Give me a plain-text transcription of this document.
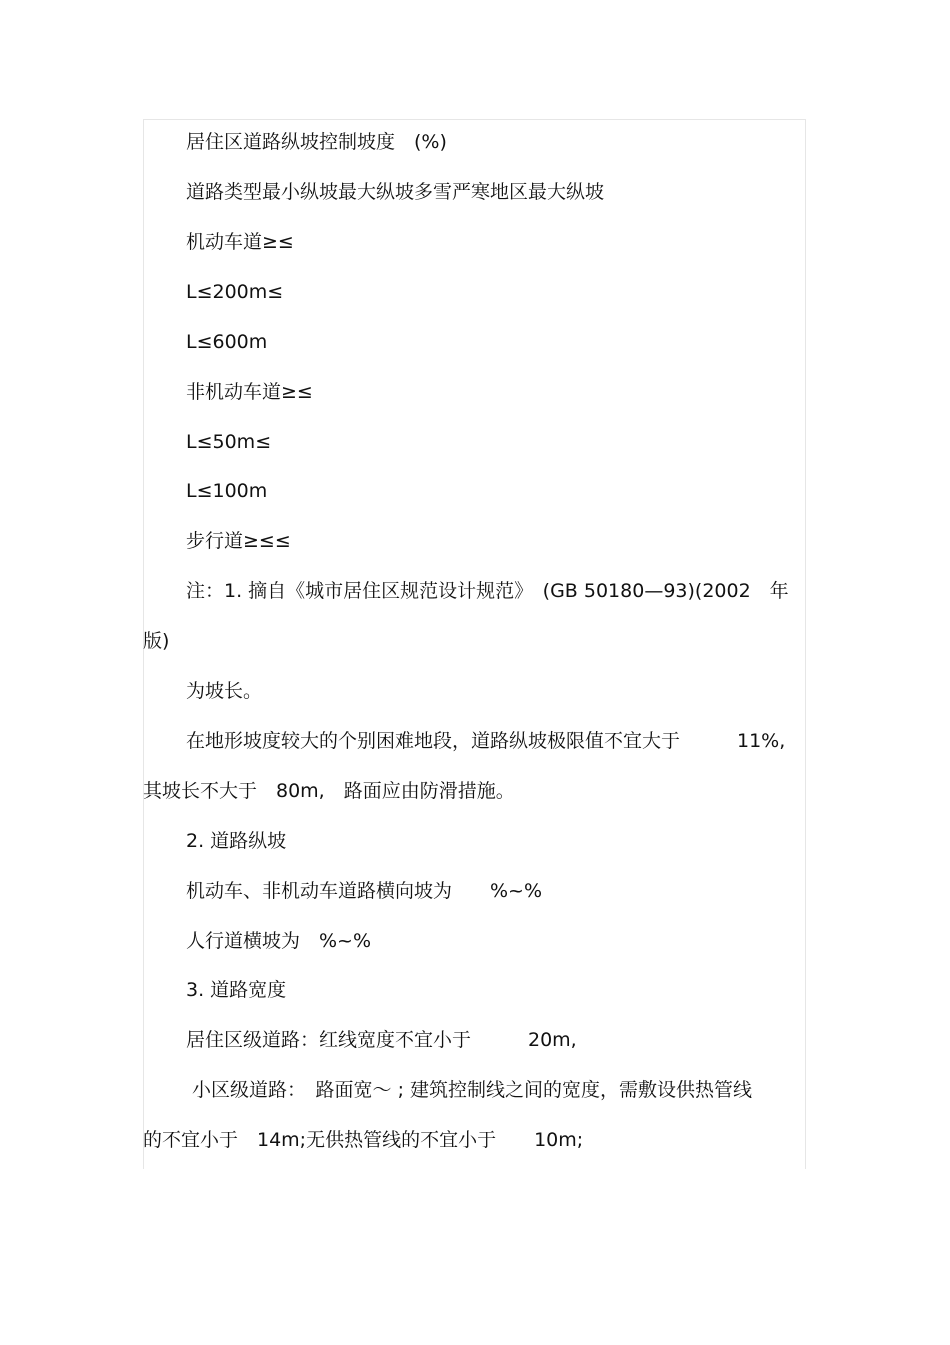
居住区道路纵坡控制坡度　(%)
道路类型最小纵坡最大纵坡多雪严寒地区最大纵坡
机动车道≥≤
L≤200m≤
L≤600m
非机动车道≥≤
L≤50m≤
L≤100m
步行道≥≤≤
注：1. 摘自《城市居住区规范设计规范》　(GB 50180—93)(2002　年
版)
为坡长。
在地形坡度较大的个别困难地段，道路纵坡极限值不宜大于　　　11%,
其坡长不大于　80m,　路面应由防滑措施。
2. 道路纵坡
机动车、非机动车道路横向坡为　　%~%
人行道横坡为　%~%
3. 道路宽度
居住区级道路：红线宽度不宜小于　　　20m,
小区级道路：　路面宽～ ; 建筑控制线之间的宽度，需敷设供热管线
的不宜小于　14m;无供热管线的不宜小于　　10m;
